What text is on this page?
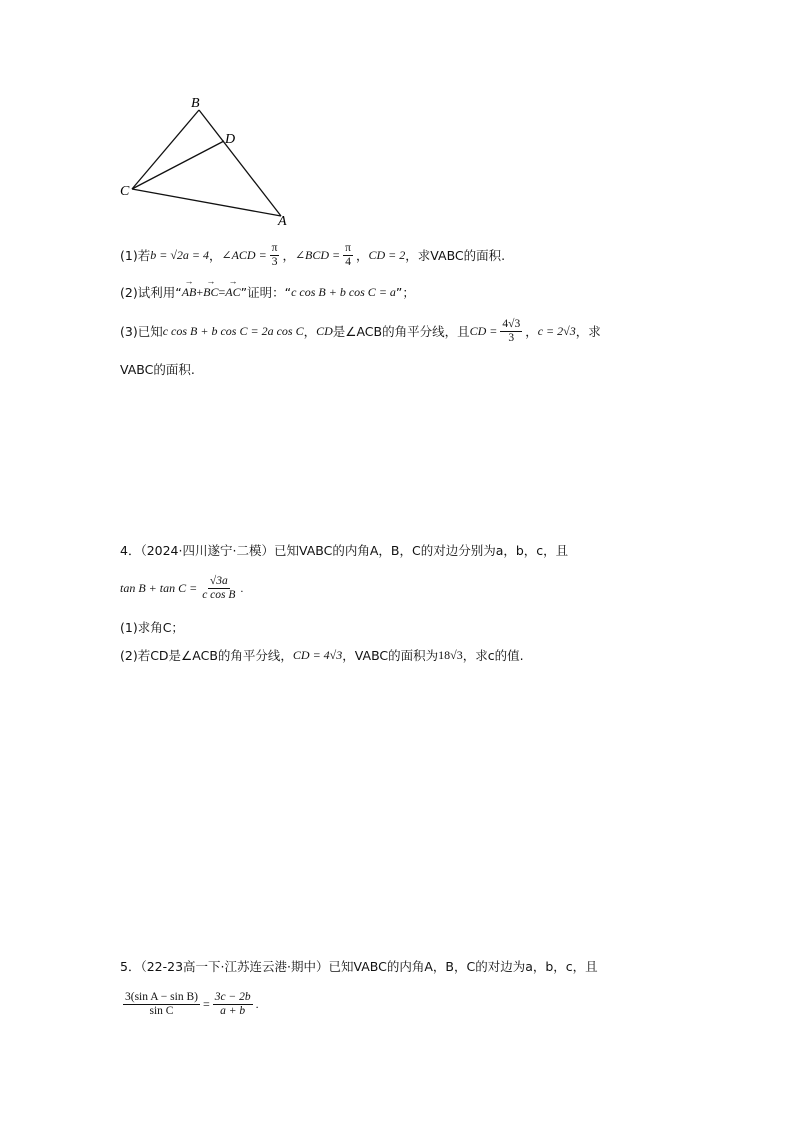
B
D
C
A
(1)若 b = √2a = 4 ， ∠ACD = $\frac{\pi}{3}$ ， ∠BCD = $\frac{\pi}{4}$ ， CD = 2 ，求VABC的面积.
(2)试利用“ → AB + → BC = → AC ”证明：“ c cos B + b cos C = a ”；
(3)已知 c cos B + b cos C = 2a cos C ， CD 是∠ACB的角平分线，且 CD = $\frac{4√3}{3}$ ， c = 2√3 ，求
VABC的面积.
4．（2024·四川遂宁·二模）已知VABC的内角A，B，C的对边分别为a，b，c，且
$\tan B + \tan C = \frac{√3a}{\text{c cos B}}$ .
(1)求角C；
(2)若CD是∠ACB的角平分线， CD = 4√3 ，VABC的面积为 18√3 ，求c的值.
5．（22-23高一下·江苏连云港·期中）已知VABC的内角A，B，C的对边为a，b，c，且
$\frac{\text{3(sin A − sin B)}}{\text{sin C}} = \frac{3c - 2b}{a + b}$ .
